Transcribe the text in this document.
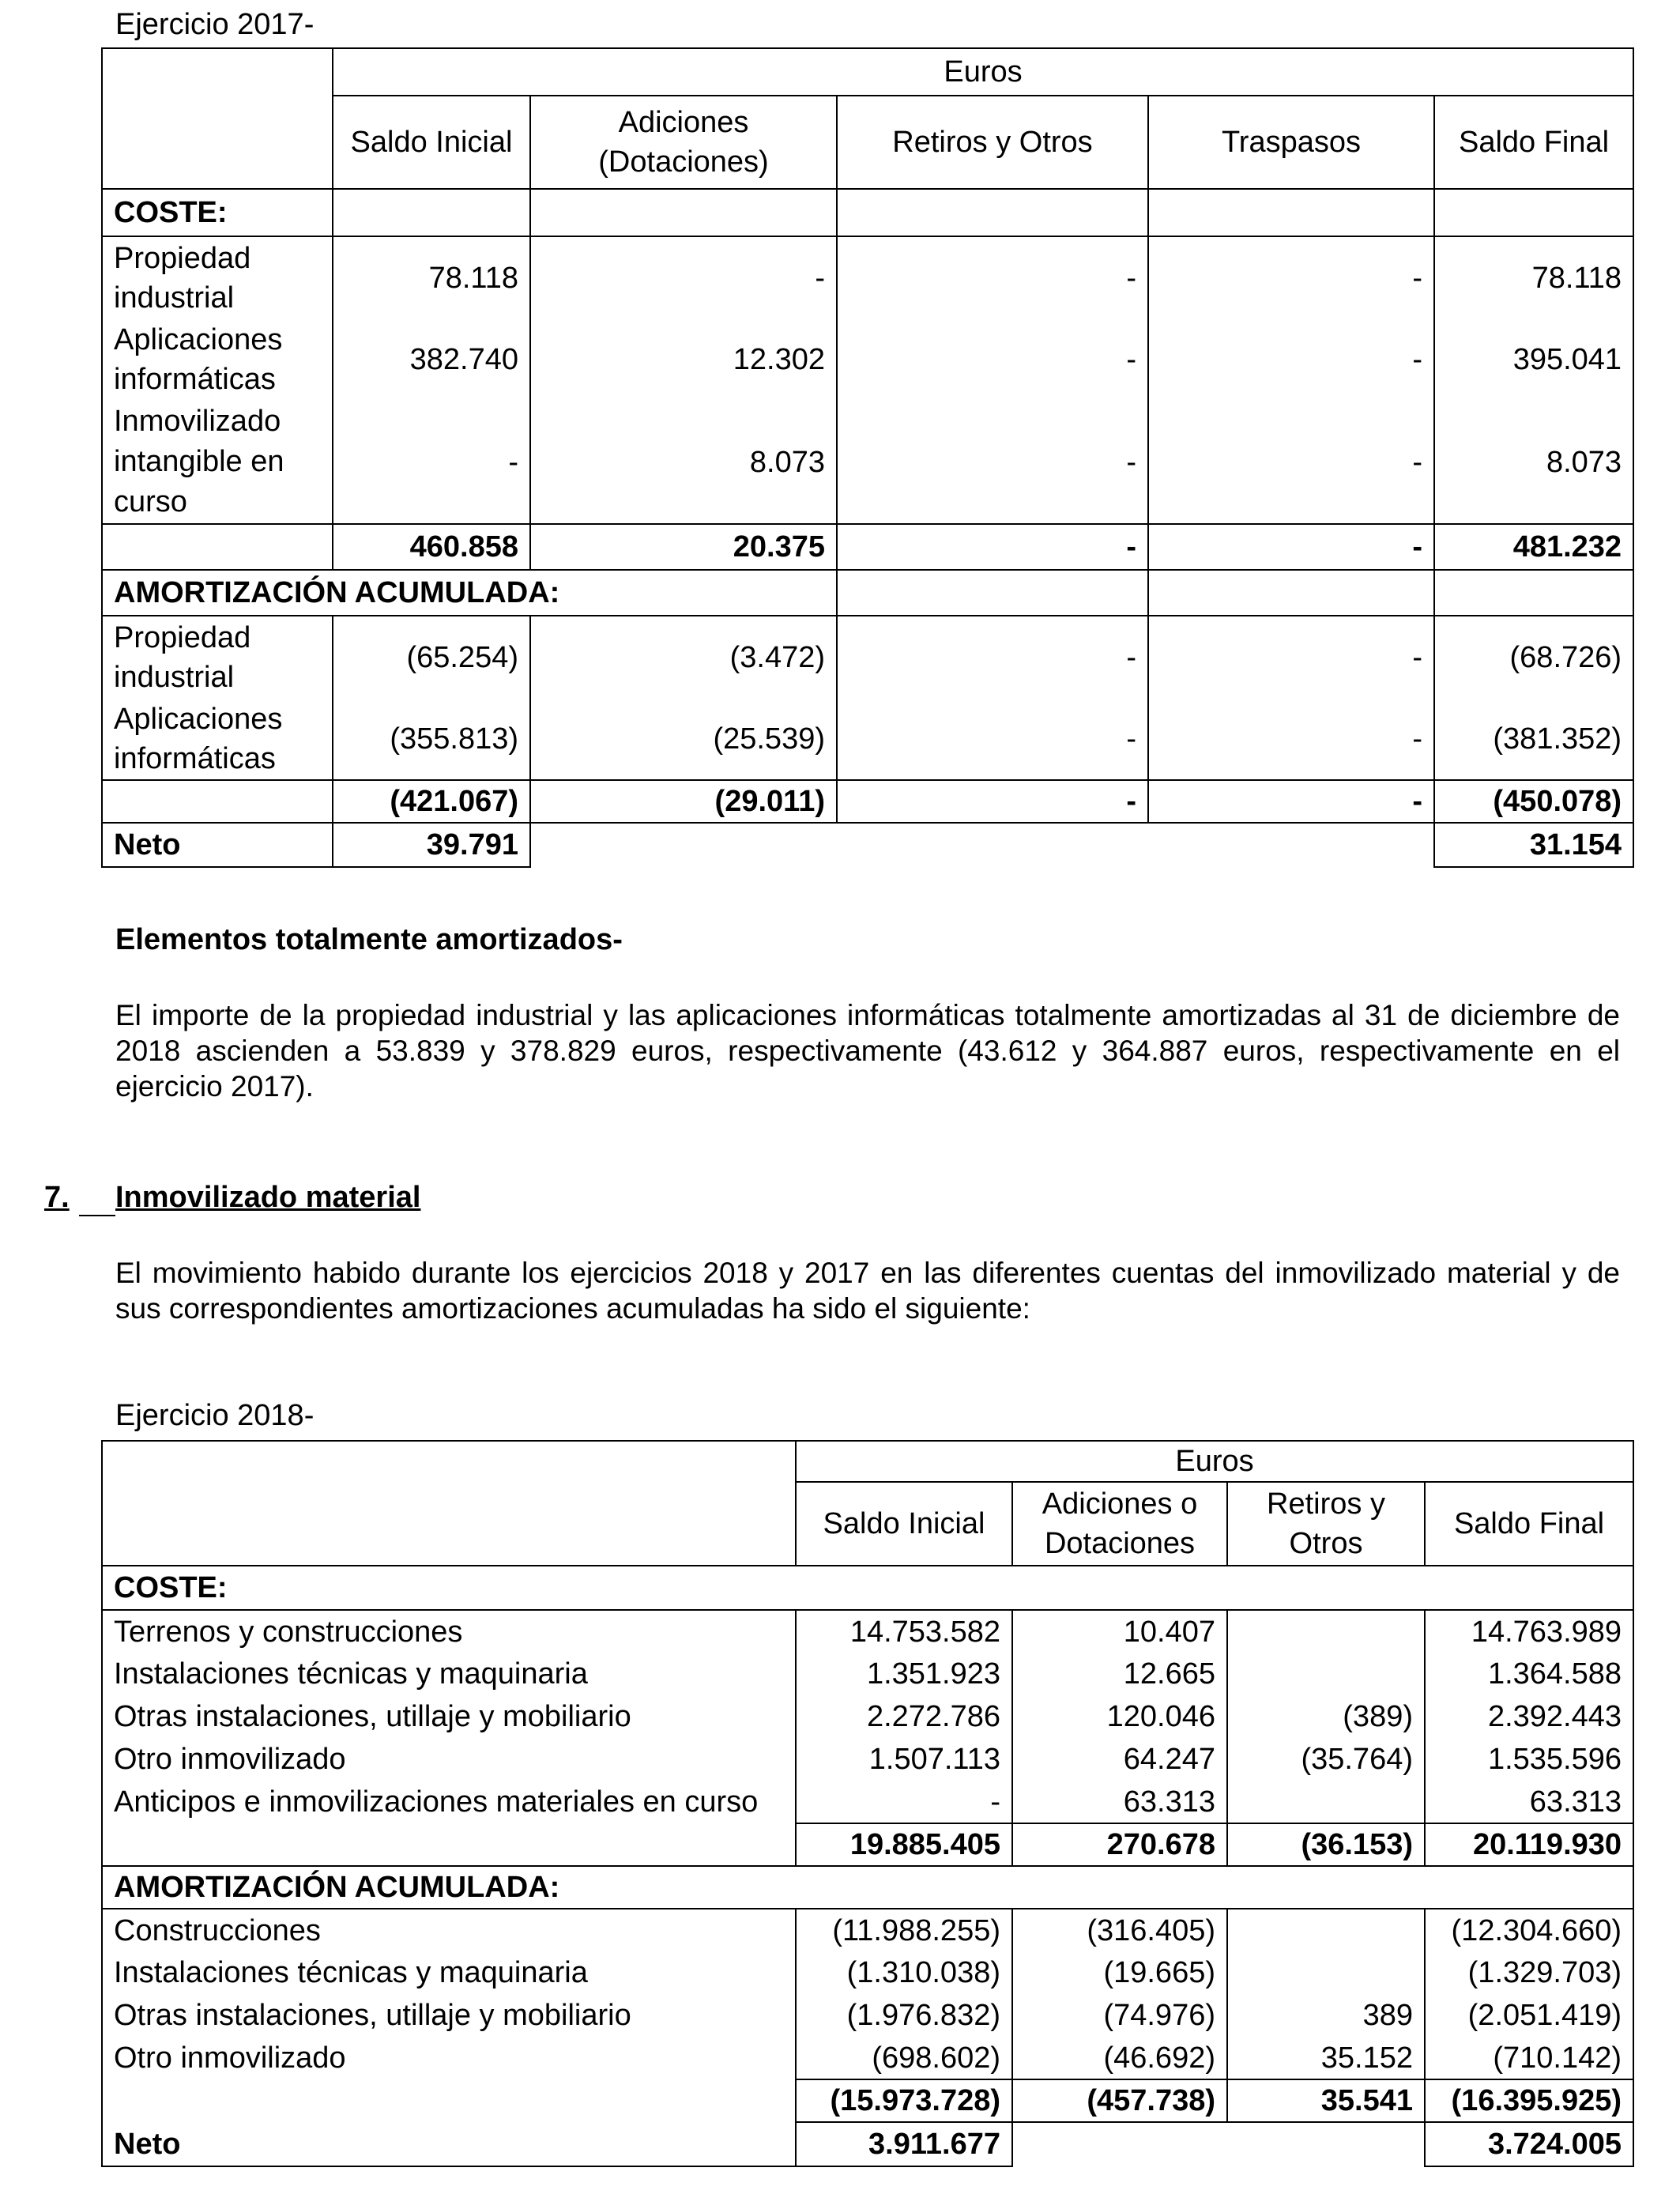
Ejercicio 2017-
	Euros				
	Saldo Inicial	Adiciones (Dotaciones)	Retiros y Otros	Traspasos	Saldo Final
COSTE:					
Propiedad industrial	78.118	-	-	-	78.118
Aplicaciones informáticas	382.740	12.302	-	-	395.041
Inmovilizado intangible en curso	-	8.073	-	-	8.073
	460.858	20.375	-	-	481.232
AMORTIZACIÓN ACUMULADA:					
Propiedad industrial	(65.254)	(3.472)	-	-	(68.726)
Aplicaciones informáticas	(355.813)	(25.539)	-	-	(381.352)
	(421.067)	(29.011)	-	-	(450.078)
Neto	39.791				31.154
Elementos totalmente amortizados-
El importe de la propiedad industrial y las aplicaciones informáticas totalmente amortizadas al 31 de diciembre de 2018 ascienden a 53.839 y 378.829 euros, respectivamente (43.612 y 364.887 euros, respectivamente en el ejercicio 2017).
7.	Inmovilizado material
El movimiento habido durante los ejercicios 2018 y 2017 en las diferentes cuentas del inmovilizado material y de sus correspondientes amortizaciones acumuladas ha sido el siguiente:
Ejercicio 2018-
	Euros			
	Saldo Inicial	Adiciones o Dotaciones	Retiros y Otros	Saldo Final
COSTE:				
Terrenos y construcciones	14.753.582	10.407		14.763.989
Instalaciones técnicas y maquinaria	1.351.923	12.665		1.364.588
Otras instalaciones, utillaje y mobiliario	2.272.786	120.046	(389)	2.392.443
Otro inmovilizado	1.507.113	64.247	(35.764)	1.535.596
Anticipos e inmovilizaciones materiales en curso	-	63.313		63.313
	19.885.405	270.678	(36.153)	20.119.930
AMORTIZACIÓN ACUMULADA:				
Construcciones	(11.988.255)	(316.405)		(12.304.660)
Instalaciones técnicas y maquinaria	(1.310.038)	(19.665)		(1.329.703)
Otras instalaciones, utillaje y mobiliario	(1.976.832)	(74.976)	389	(2.051.419)
Otro inmovilizado	(698.602)	(46.692)	35.152	(710.142)
	(15.973.728)	(457.738)	35.541	(16.395.925)
Neto	3.911.677			3.724.005
